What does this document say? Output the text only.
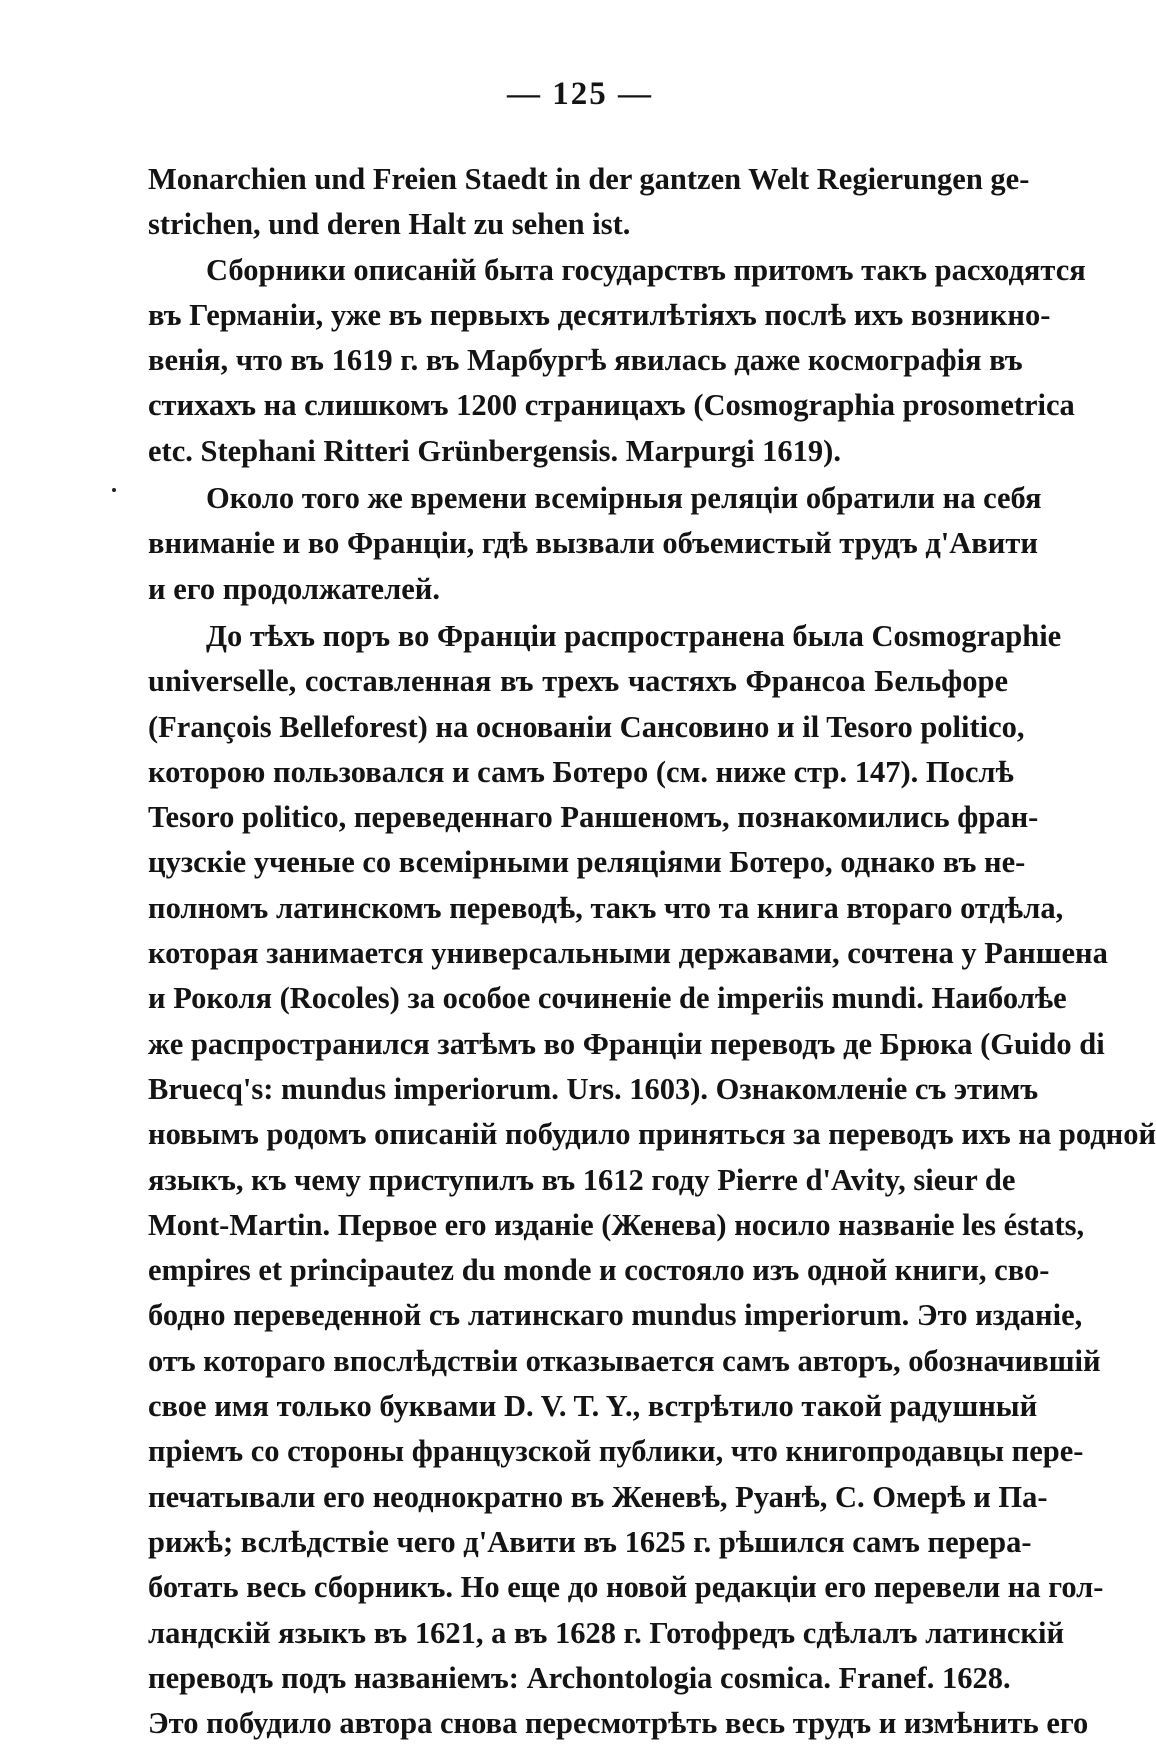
— 125 —
Monarchien und Freien Staedt in der gantzen Welt Regierungen ge-
strichen, und deren Halt zu sehen ist.
Сборники описаній быта государствъ притомъ такъ расходятся
въ Германіи, уже въ первыхъ десятилѣтіяхъ послѣ ихъ возникно-
венія, что въ 1619 г. въ Марбургѣ явилась даже космографія въ
стихахъ на слишкомъ 1200 страницахъ (Cosmographia prosometrica
etc. Stephani Ritteri Grünbergensis. Marpurgi 1619).
Около того же времени всемірныя реляціи обратили на себя
вниманіе и во Франціи, гдѣ вызвали объемистый трудъ д'Авити
и его продолжателей.
До тѣхъ поръ во Франціи распространена была Cosmographie
universelle, составленная въ трехъ частяхъ Франсоа Бельфоре
(François Belleforest) на основаніи Сансовино и il Tesoro politico,
которою пользовался и самъ Ботеро (см. ниже стр. 147). Послѣ
Tesoro politico, переведеннаго Раншеномъ, познакомились фран-
цузскіе ученые со всемірными реляціями Ботеро, однако въ не-
полномъ латинскомъ переводѣ, такъ что та книга втораго отдѣла,
которая занимается универсальными державами, сочтена у Раншена
и Роколя (Rocoles) за особое сочиненіе de imperiis mundi. Наиболѣе
же распространился затѣмъ во Франціи переводъ де Брюка (Guido di
Bruecq's: mundus imperiorum. Urs. 1603). Ознакомленіе съ этимъ
новымъ родомъ описаній побудило приняться за переводъ ихъ на родной
языкъ, къ чему приступилъ въ 1612 году Pierre d'Avity, sieur de
Mont-Martin. Первое его изданіе (Женева) носило названіе les éstats,
empires et principautez du monde и состояло изъ одной книги, сво-
бодно переведенной съ латинскаго mundus imperiorum. Это изданіе,
отъ котораго впослѣдствіи отказывается самъ авторъ, обозначившій
свое имя только буквами D. V. T. Y., встрѣтило такой радушный
пріемъ со стороны французской публики, что книгопродавцы пере-
печатывали его неоднократно въ Женевѣ, Руанѣ, С. Омерѣ и Па-
рижѣ; вслѣдствіе чего д'Авити въ 1625 г. рѣшился самъ перера-
ботать весь сборникъ. Но еще до новой редакціи его перевели на гол-
ландскій языкъ въ 1621, а въ 1628 г. Готофредъ сдѣлалъ латинскій
переводъ подъ названіемъ: Archontologia cosmica. Franef. 1628.
Это побудило автора снова пересмотрѣть весь трудъ и измѣнить его
